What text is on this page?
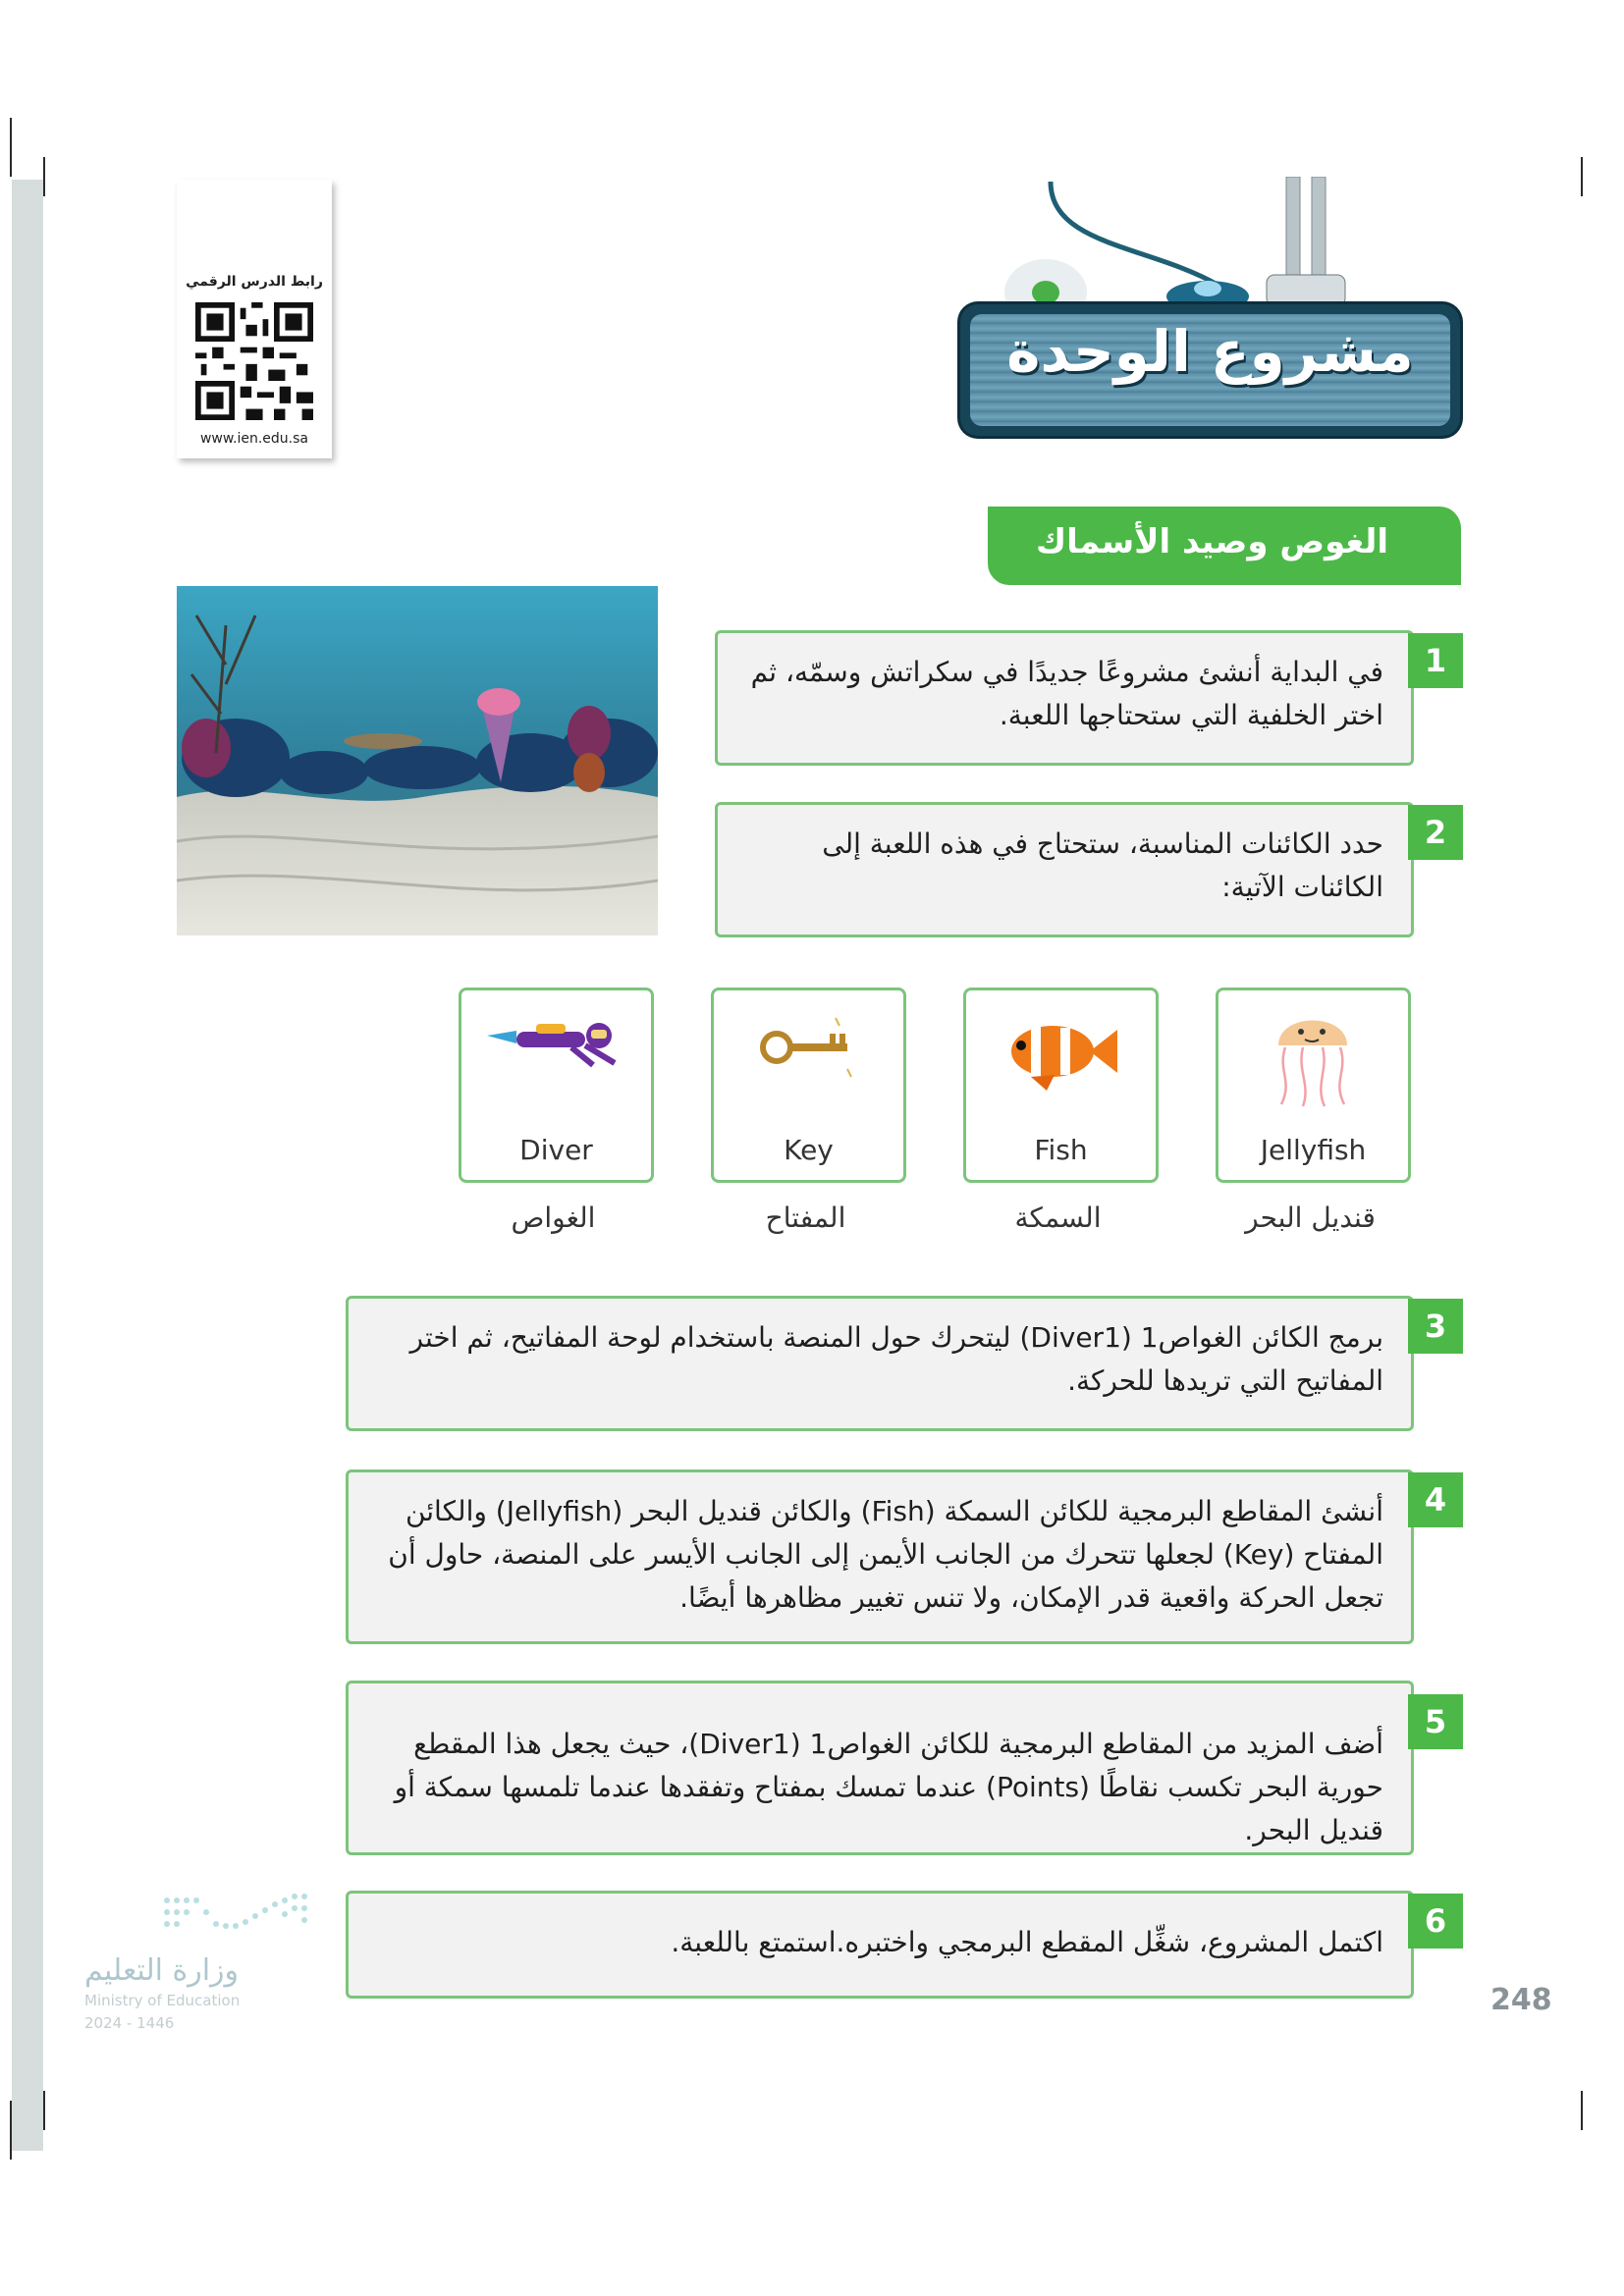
رابط الدرس الرقمي
www.ien.edu.sa
مشروع الوحدة
الغوص وصيد الأسماك
في البداية أنشئ مشروعًا جديدًا في سكراتش وسمّه، ثم اختر الخلفية التي ستحتاجها اللعبة.
1
حدد الكائنات المناسبة، ستحتاج في هذه اللعبة إلى الكائنات الآتية:
2
Diver	Key	Fish	Jellyfish
الغواص	المفتاح	السمكة	قنديل البحر
برمج الكائن الغواص1 (Diver1) ليتحرك حول المنصة باستخدام لوحة المفاتيح، ثم اختر المفاتيح التي تريدها للحركة.
3
أنشئ المقاطع البرمجية للكائن السمكة (Fish) والكائن قنديل البحر (Jellyfish) والكائن المفتاح (Key) لجعلها تتحرك من الجانب الأيمن إلى الجانب الأيسر على المنصة، حاول أن تجعل الحركة واقعية قدر الإمكان، ولا تنس تغيير مظاهرها أيضًا.
4
أضف المزيد من المقاطع البرمجية للكائن الغواص1 (Diver1)، حيث يجعل هذا المقطع حورية البحر تكسب نقاطًا (Points) عندما تمسك بمفتاح وتفقدها عندما تلمسها سمكة أو قنديل البحر.
5
اكتمل المشروع، شغِّل المقطع البرمجي واختبره.استمتع باللعبة.
6
وزارة التعليم
Ministry of Education
2024 - 1446
248
